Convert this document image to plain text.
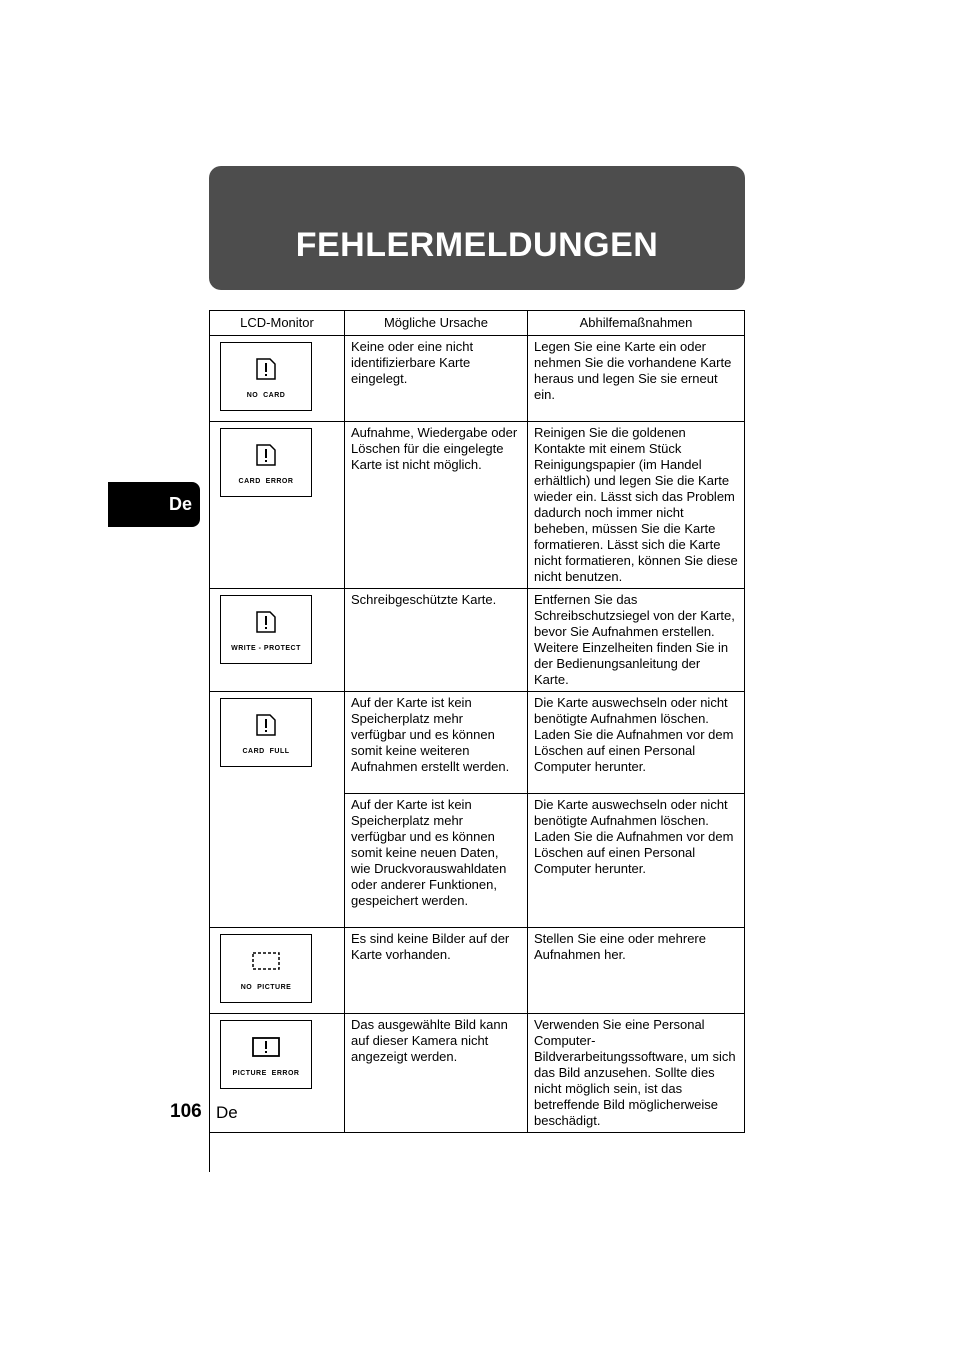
FEHLERMELDUNGEN
De
LCD-Monitor	Mögliche Ursache	Abhilfemaßnahmen

NO  CARD	Keine oder eine nicht identifizierbare Karte eingelegt.	Legen Sie eine Karte ein oder nehmen Sie die vorhandene Karte heraus und legen Sie sie erneut ein.

CARD  ERROR	Aufnahme, Wiedergabe oder Löschen für die eingelegte Karte ist nicht möglich.	Reinigen Sie die goldenen Kontakte mit einem Stück Reinigungspapier (im Handel erhältlich) und legen Sie die Karte wieder ein. Lässt sich das Problem dadurch noch immer nicht beheben, müssen Sie die Karte formatieren. Lässt sich die Karte nicht formatieren, können Sie diese nicht benutzen.

WRITE - PROTECT	Schreibgeschützte Karte.	Entfernen Sie das Schreibschutzsiegel von der Karte, bevor Sie Aufnahmen erstellen. Weitere Einzelheiten finden Sie in der Bedienungsanleitung der Karte.

CARD  FULL	Auf der Karte ist kein Speicherplatz mehr verfügbar und es können somit keine weiteren Aufnahmen erstellt werden.	Die Karte auswechseln oder nicht benötigte Aufnahmen löschen. Laden Sie die Aufnahmen vor dem Löschen auf einen Personal Computer herunter.
	Auf der Karte ist kein Speicherplatz mehr verfügbar und es können somit keine neuen Daten, wie Druckvorauswahldaten oder anderer Funktionen, gespeichert werden.	Die Karte auswechseln oder nicht benötigte Aufnahmen löschen. Laden Sie die Aufnahmen vor dem Löschen auf einen Personal Computer herunter.

NO  PICTURE	Es sind keine Bilder auf der Karte vorhanden.	Stellen Sie eine oder mehrere Aufnahmen her.

PICTURE  ERROR	Das ausgewählte Bild kann auf dieser Kamera nicht angezeigt werden.	Verwenden Sie eine Personal Computer-Bildverarbeitungssoftware, um sich das Bild anzusehen. Sollte dies nicht möglich sein, ist das betreffende Bild möglicherweise beschädigt.
106 De
